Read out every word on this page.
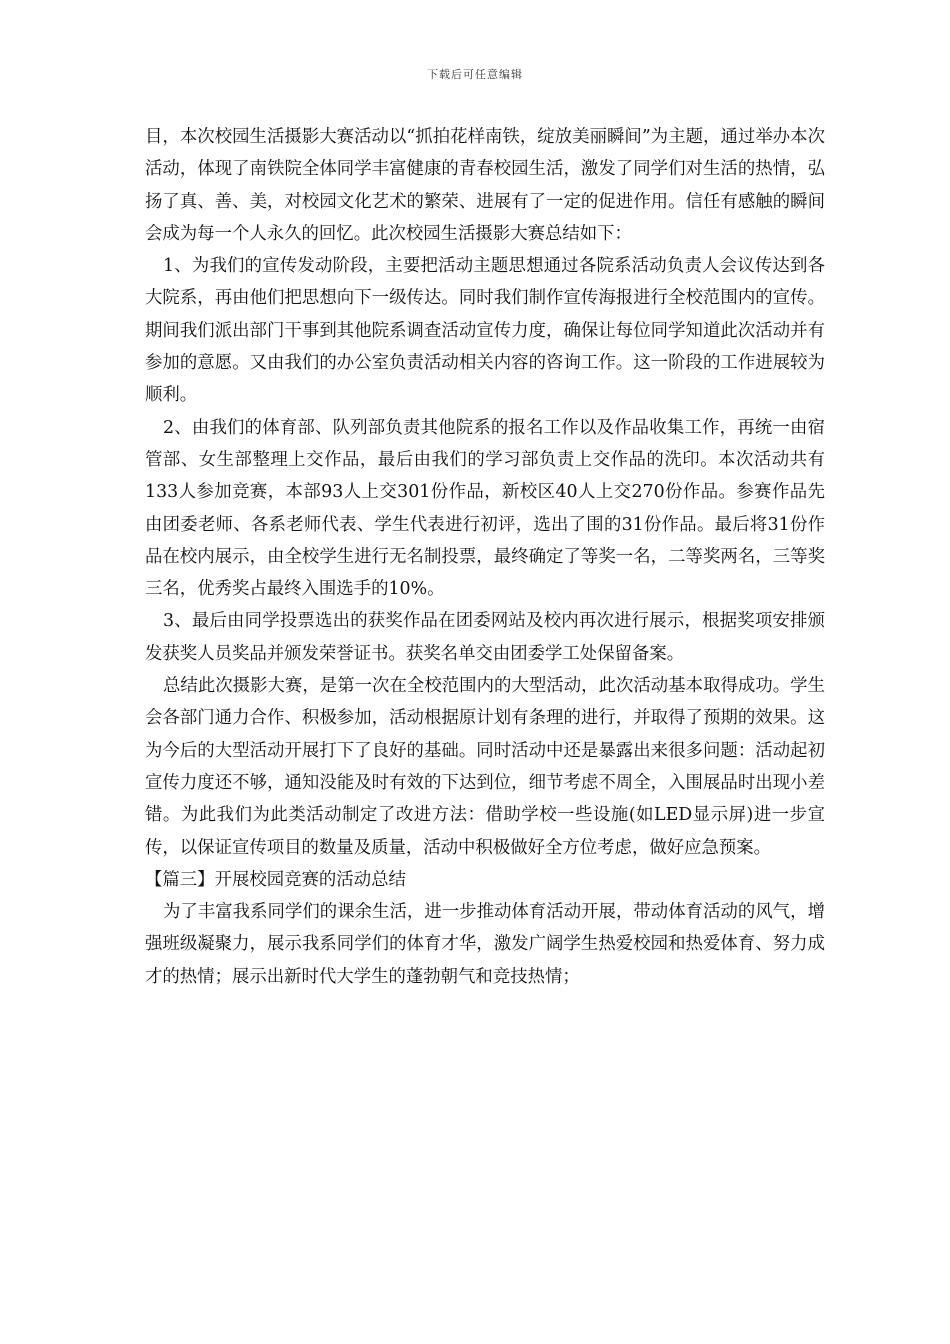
下载后可任意编辑

目，本次校园生活摄影大赛活动以“抓拍花样南铁，绽放美丽瞬间”为主题，通过举办本次活动，体现了南铁院全体同学丰富健康的青春校园生活，激发了同学们对生活的热情，弘扬了真、善、美，对校园文化艺术的繁荣、进展有了一定的促进作用。信任有感触的瞬间会成为每一个人永久的回忆。此次校园生活摄影大赛总结如下：

1、为我们的宣传发动阶段，主要把活动主题思想通过各院系活动负责人会议传达到各大院系，再由他们把思想向下一级传达。同时我们制作宣传海报进行全校范围内的宣传。期间我们派出部门干事到其他院系调查活动宣传力度，确保让每位同学知道此次活动并有参加的意愿。又由我们的办公室负责活动相关内容的咨询工作。这一阶段的工作进展较为顺利。

2、由我们的体育部、队列部负责其他院系的报名工作以及作品收集工作，再统一由宿管部、女生部整理上交作品，最后由我们的学习部负责上交作品的洗印。本次活动共有133人参加竞赛，本部93人上交301份作品，新校区40人上交270份作品。参赛作品先由团委老师、各系老师代表、学生代表进行初评，选出了围的31份作品。最后将31份作品在校内展示，由全校学生进行无名制投票，最终确定了等奖一名，二等奖两名，三等奖三名，优秀奖占最终入围选手的10%。

3、最后由同学投票选出的获奖作品在团委网站及校内再次进行展示，根据奖项安排颁发获奖人员奖品并颁发荣誉证书。获奖名单交由团委学工处保留备案。

总结此次摄影大赛，是第一次在全校范围内的大型活动，此次活动基本取得成功。学生会各部门通力合作、积极参加，活动根据原计划有条理的进行，并取得了预期的效果。这为今后的大型活动开展打下了良好的基础。同时活动中还是暴露出来很多问题：活动起初宣传力度还不够，通知没能及时有效的下达到位，细节考虑不周全，入围展品时出现小差错。为此我们为此类活动制定了改进方法：借助学校一些设施(如LED显示屏)进一步宣传，以保证宣传项目的数量及质量，活动中积极做好全方位考虑，做好应急预案。

【篇三】开展校园竞赛的活动总结

为了丰富我系同学们的课余生活，进一步推动体育活动开展，带动体育活动的风气，增强班级凝聚力，展示我系同学们的体育才华，激发广阔学生热爱校园和热爱体育、努力成才的热情；展示出新时代大学生的蓬勃朝气和竞技热情；
